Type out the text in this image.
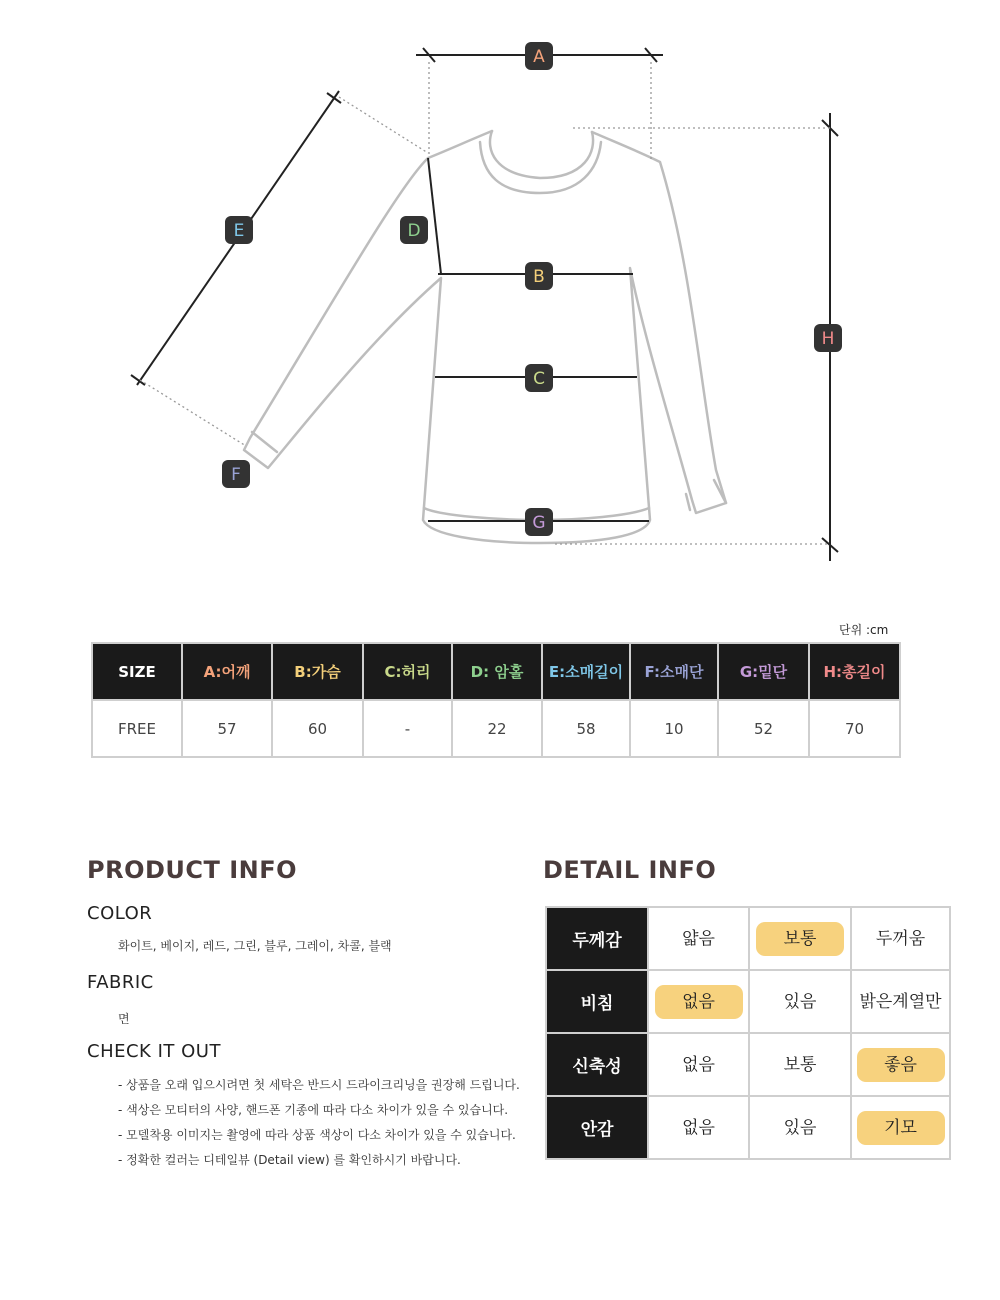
A
B
C
D
E
F
G
H
단위 :cm
SIZE	A:어깨	B:가슴	C:허리	D: 암홀	E:소매길이	F:소매단	G:밑단	H:총길이
FREE	57	60	-	22	58	10	52	70
PRODUCT INFO
COLOR
화이트, 베이지, 레드, 그린, 블루, 그레이, 차콜, 블랙
FABRIC
면
CHECK IT OUT
- 상품을 오래 입으시려면 첫 세탁은 반드시 드라이크리닝을 권장해 드립니다.
- 색상은 모티터의 사양, 핸드폰 기종에 따라 다소 차이가 있을 수 있습니다.
- 모델착용 이미지는 촬영에 따라 상품 색상이 다소 차이가 있을 수 있습니다.
- 정확한 컬러는 디테일뷰 (Detail view) 를 확인하시기 바랍니다.
DETAIL INFO
두께감	얇음	보통	두꺼움
비침	없음	있음	밝은계열만
신축성	없음	보통	좋음
안감	없음	있음	기모
